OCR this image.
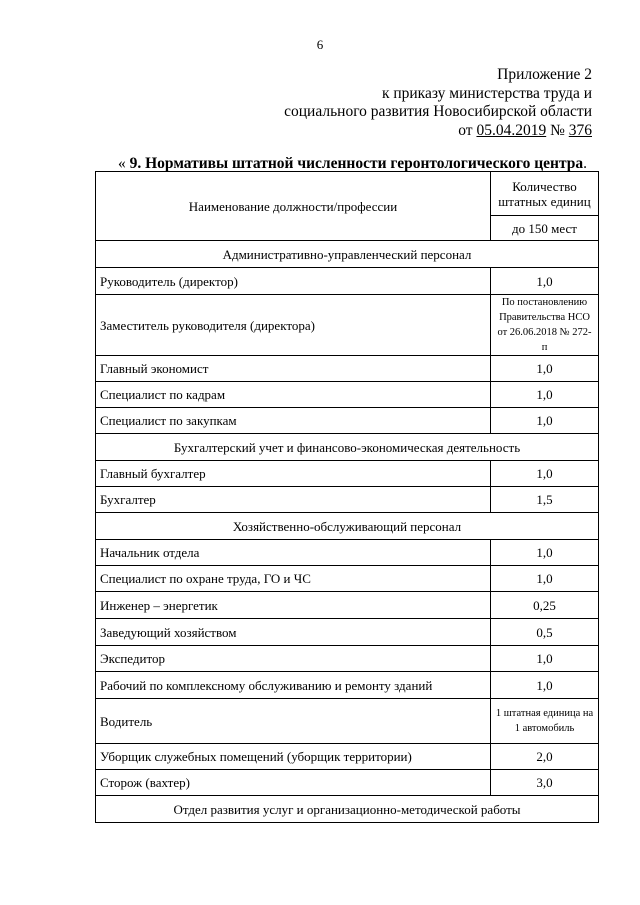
6
Приложение 2
к приказу министерства труда и
социального развития Новосибирской области
от 05.04.2019 № 376
« 9. Нормативы штатной численности геронтологического центра.
Наименование должности/профессии	Количество штатных единиц
	до 150 мест
Административно-управленческий персонал	
Руководитель (директор)	1,0
Заместитель руководителя (директора)	По постановлению Правительства НСО от 26.06.2018 № 272-п
Главный экономист	1,0
Специалист по кадрам	1,0
Специалист по закупкам	1,0
Бухгалтерский учет и финансово-экономическая деятельность	
Главный бухгалтер	1,0
Бухгалтер	1,5
Хозяйственно-обслуживающий персонал	
Начальник отдела	1,0
Специалист по охране труда, ГО и ЧС	1,0
Инженер – энергетик	0,25
Заведующий хозяйством	0,5
Экспедитор	1,0
Рабочий по комплексному обслуживанию и ремонту зданий	1,0
Водитель	1 штатная единица на 1 автомобиль
Уборщик служебных помещений (уборщик территории)	2,0
Сторож (вахтер)	3,0
Отдел развития услуг и организационно-методической работы	
